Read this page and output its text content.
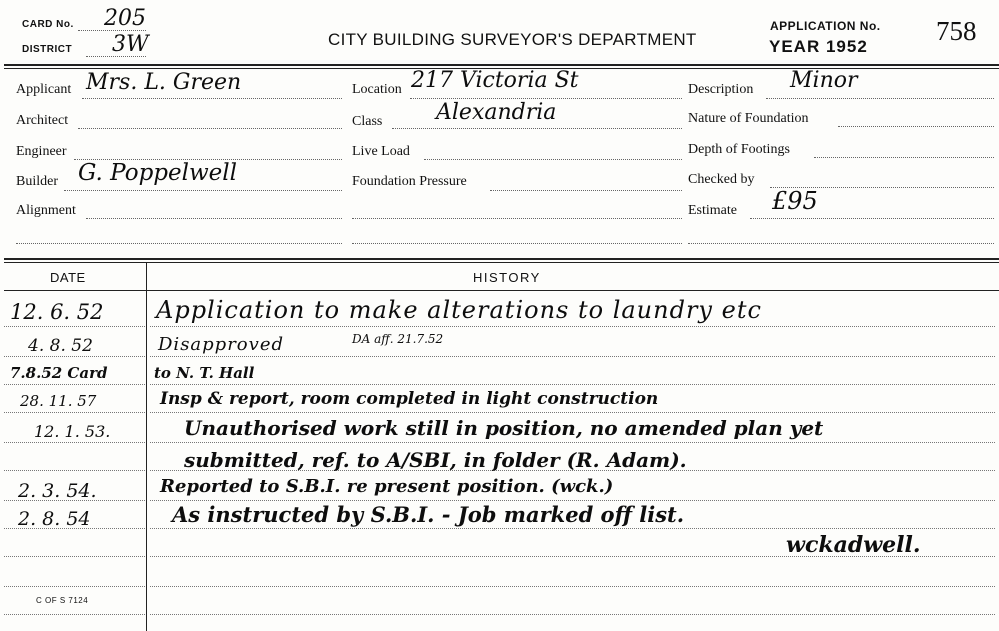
CARD No. 205
DISTRICT 3W	CITY BUILDING SURVEYOR'S DEPARTMENT
APPLICATION No.
YEAR 1952
758
Applicant Mrs. L. Green
Architect
Engineer
Builder G. Poppelwell
Alignment
Location 217 Victoria St
Class Alexandria
Live Load
Foundation Pressure
Description Minor
Nature of Foundation
Depth of Footings
Checked by
Estimate £95
DATE	HISTORY
12. 6. 52 Application to make alterations to laundry etc
4. 8. 52	Disapproved	DA aff. 21.7.52
7.8.52 Card	to N. T. Hall
28. 11. 57	Insp & report, room completed in light construction
12. 1. 53.	Unauthorised work still in position, no amended plan yet
submitted, ref. to A/SBI, in folder (R. Adam).
2. 3. 54.	Reported to S.B.I. re present position. (wck.)
2. 8. 54	As instructed by S.B.I. - Job marked off list.
wckadwell.
C OF S 7124
